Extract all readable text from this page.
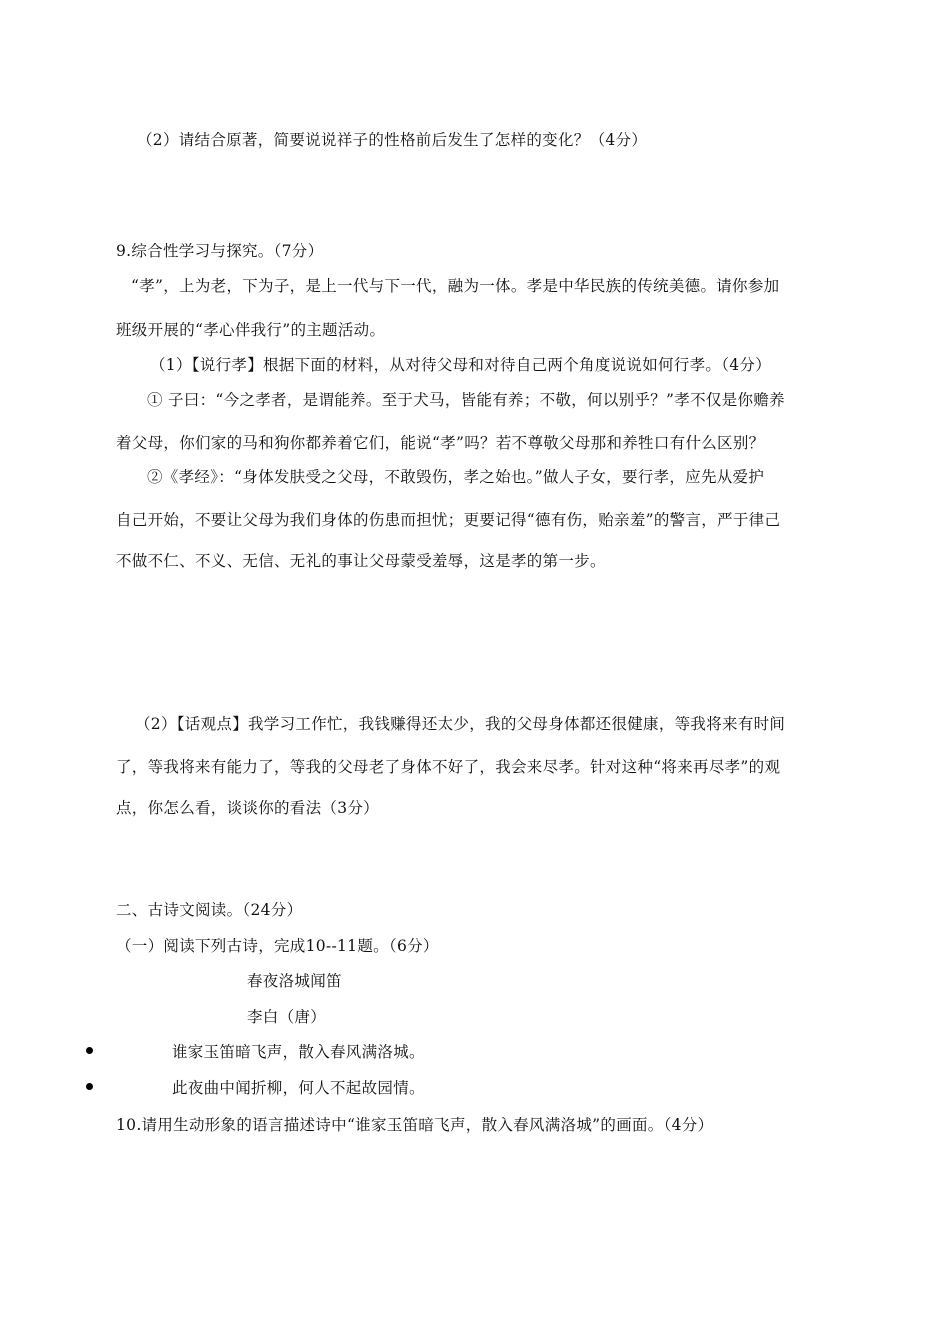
（2）请结合原著，简要说说祥子的性格前后发生了怎样的变化？（4分）
9.综合性学习与探究。（7分）
“孝”，上为老，下为子，是上一代与下一代，融为一体。孝是中华民族的传统美德。请你参加
班级开展的“孝心伴我行”的主题活动。
（1）【说行孝】根据下面的材料，从对待父母和对待自己两个角度说说如何行孝。（4分）
① 子曰：“今之孝者，是谓能养。至于犬马，皆能有养；不敬，何以别乎？”孝不仅是你赡养
着父母，你们家的马和狗你都养着它们，能说“孝”吗？若不尊敬父母那和养牲口有什么区别？
②《孝经》：“身体发肤受之父母，不敢毁伤，孝之始也。”做人子女，要行孝，应先从爱护
自己开始，不要让父母为我们身体的伤患而担忧；更要记得“德有伤，贻亲羞”的警言，严于律己
不做不仁、不义、无信、无礼的事让父母蒙受羞辱，这是孝的第一步。
（2）【话观点】我学习工作忙，我钱赚得还太少，我的父母身体都还很健康，等我将来有时间
了，等我将来有能力了，等我的父母老了身体不好了，我会来尽孝。针对这种“将来再尽孝”的观
点，你怎么看，谈谈你的看法（3分）
二、古诗文阅读。（24分）
（一）阅读下列古诗，完成10--11题。（6分）
春夜洛城闻笛
李白（唐）
谁家玉笛暗飞声，散入春风满洛城。
此夜曲中闻折柳，何人不起故园情。
10.请用生动形象的语言描述诗中“谁家玉笛暗飞声，散入春风满洛城”的画面。（4分）
